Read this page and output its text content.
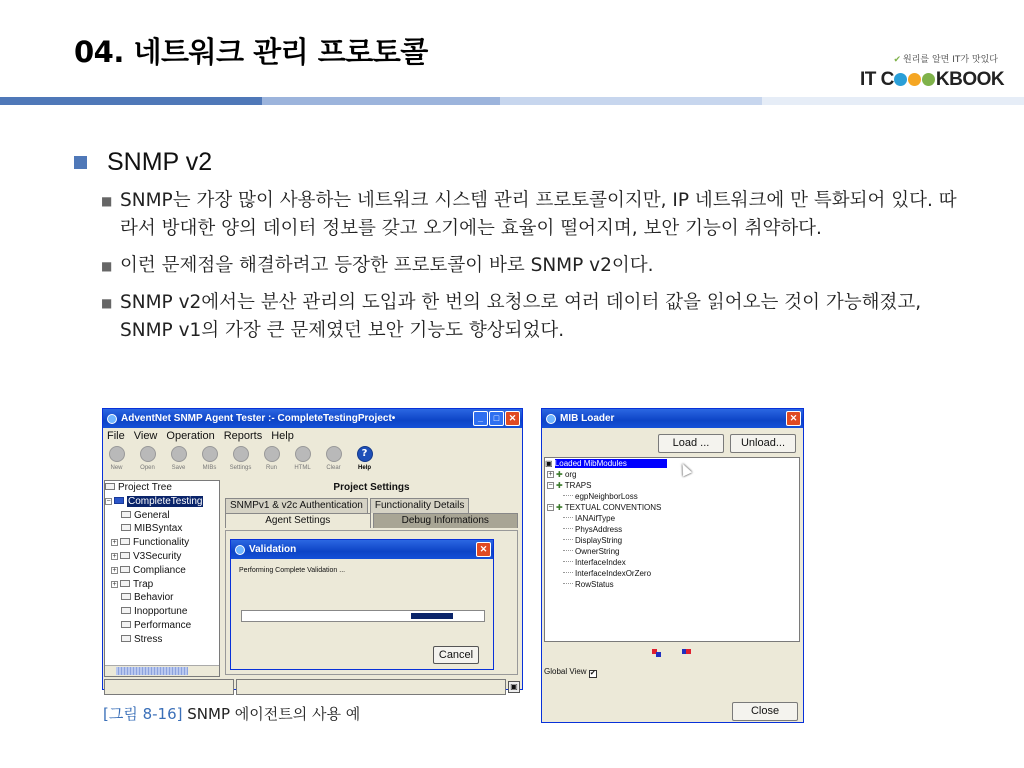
04. 네트워크 관리 프로토콜	✔ 원리를 알면 IT가 맛있다
IT C KBOOK
SNMP v2
■ SNMP는 가장 많이 사용하는 네트워크 시스템 관리 프로토콜이지만, IP 네트워크에 만 특화되어 있다. 따라서 방대한 양의 데이터 정보를 갖고 오기에는 효율이 떨어지며, 보안 기능이 취약하다.
■ 이런 문제점을 해결하려고 등장한 프로토콜이 바로 SNMP v2이다.
■ SNMP v2에서는 분산 관리의 도입과 한 번의 요청으로 여러 데이터 값을 읽어오는 것이 가능해졌고, SNMP v1의 가장 큰 문제였던 보안 기능도 향상되었다.
AdventNet SNMP Agent Tester :- CompleteTestingProject•	_	□	✕
File View Operation Reports Help
New	Open	Save	MIBs Settings Run	HTML	Clear
?
Help
Project Tree
− CompleteTesting
General
MIBSyntax
+ Functionality
+ V3Security
+ Compliance
+ Trap
Behavior
Inopportune
Performance
Stress
Project Settings
SNMPv1 & v2c Authentication	Functionality Details
Agent Settings	Debug Informations
▣
Validation	✕
Performing Complete Validation ...
Cancel
MIB Loader	✕
Load ...	Unload...
▣ Loaded MibModules
+ ✚ org
− ✚ TRAPS
egpNeighborLoss
− ✚ TEXTUAL CONVENTIONS
IANAifType
PhysAddress
DisplayString
OwnerString
InterfaceIndex
InterfaceIndexOrZero
RowStatus
Global View ✔
Close
[그림 8-16] SNMP 에이전트의 사용 예
